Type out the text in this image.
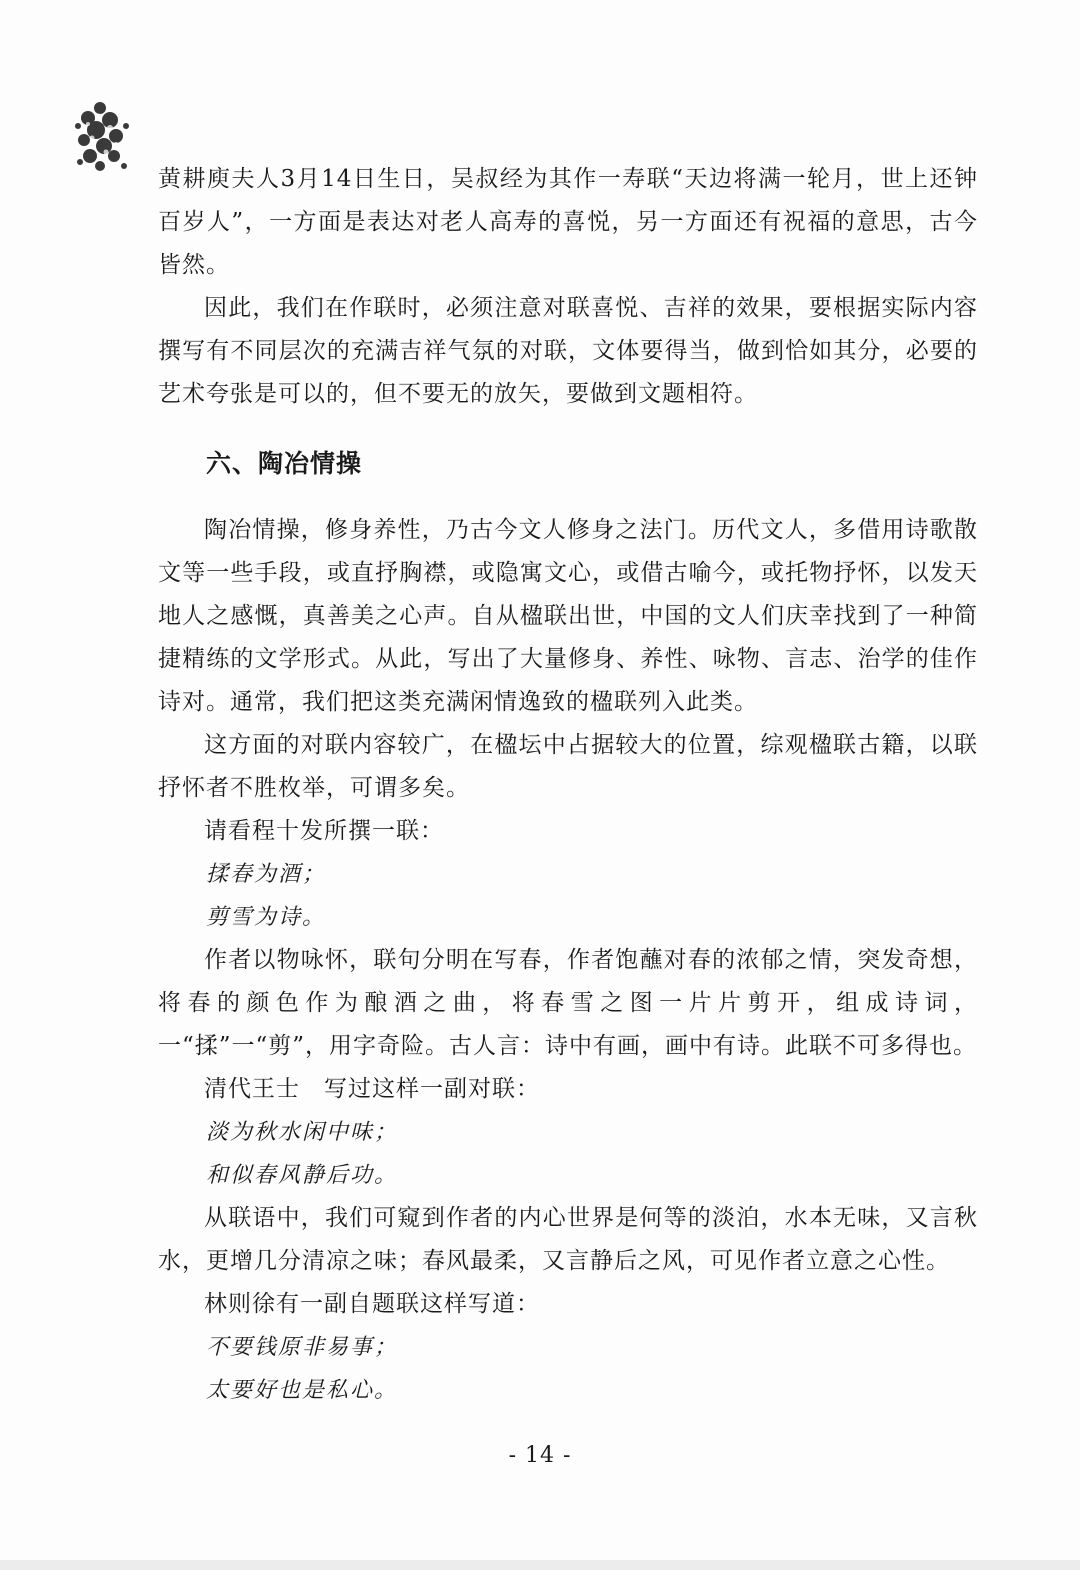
黄耕庾夫人3月14日生日，吴叔经为其作一寿联“天边将满一轮月，世上还钟百岁人”，一方面是表达对老人高寿的喜悦，另一方面还有祝福的意思，古今皆然。

因此，我们在作联时，必须注意对联喜悦、吉祥的效果，要根据实际内容撰写有不同层次的充满吉祥气氛的对联，文体要得当，做到恰如其分，必要的艺术夸张是可以的，但不要无的放矢，要做到文题相符。

六、陶冶情操

陶冶情操，修身养性，乃古今文人修身之法门。历代文人，多借用诗歌散文等一些手段，或直抒胸襟，或隐寓文心，或借古喻今，或托物抒怀，以发天地人之感慨，真善美之心声。自从楹联出世，中国的文人们庆幸找到了一种简捷精练的文学形式。从此，写出了大量修身、养性、咏物、言志、治学的佳作诗对。通常，我们把这类充满闲情逸致的楹联列入此类。

这方面的对联内容较广，在楹坛中占据较大的位置，综观楹联古籍，以联抒怀者不胜枚举，可谓多矣。

请看程十发所撰一联：

揉春为酒；

剪雪为诗。

作者以物咏怀，联句分明在写春，作者饱蘸对春的浓郁之情，突发奇想，将春的颜色作为酿酒之曲，将春雪之图一片片剪开，组成诗词，一“揉”一“剪”，用字奇险。古人言：诗中有画，画中有诗。此联不可多得也。

清代王士　写过这样一副对联：

淡为秋水闲中味；

和似春风静后功。

从联语中，我们可窥到作者的内心世界是何等的淡泊，水本无味，又言秋水，更增几分清凉之味；春风最柔，又言静后之风，可见作者立意之心性。

林则徐有一副自题联这样写道：

不要钱原非易事；

太要好也是私心。

- 14 -
